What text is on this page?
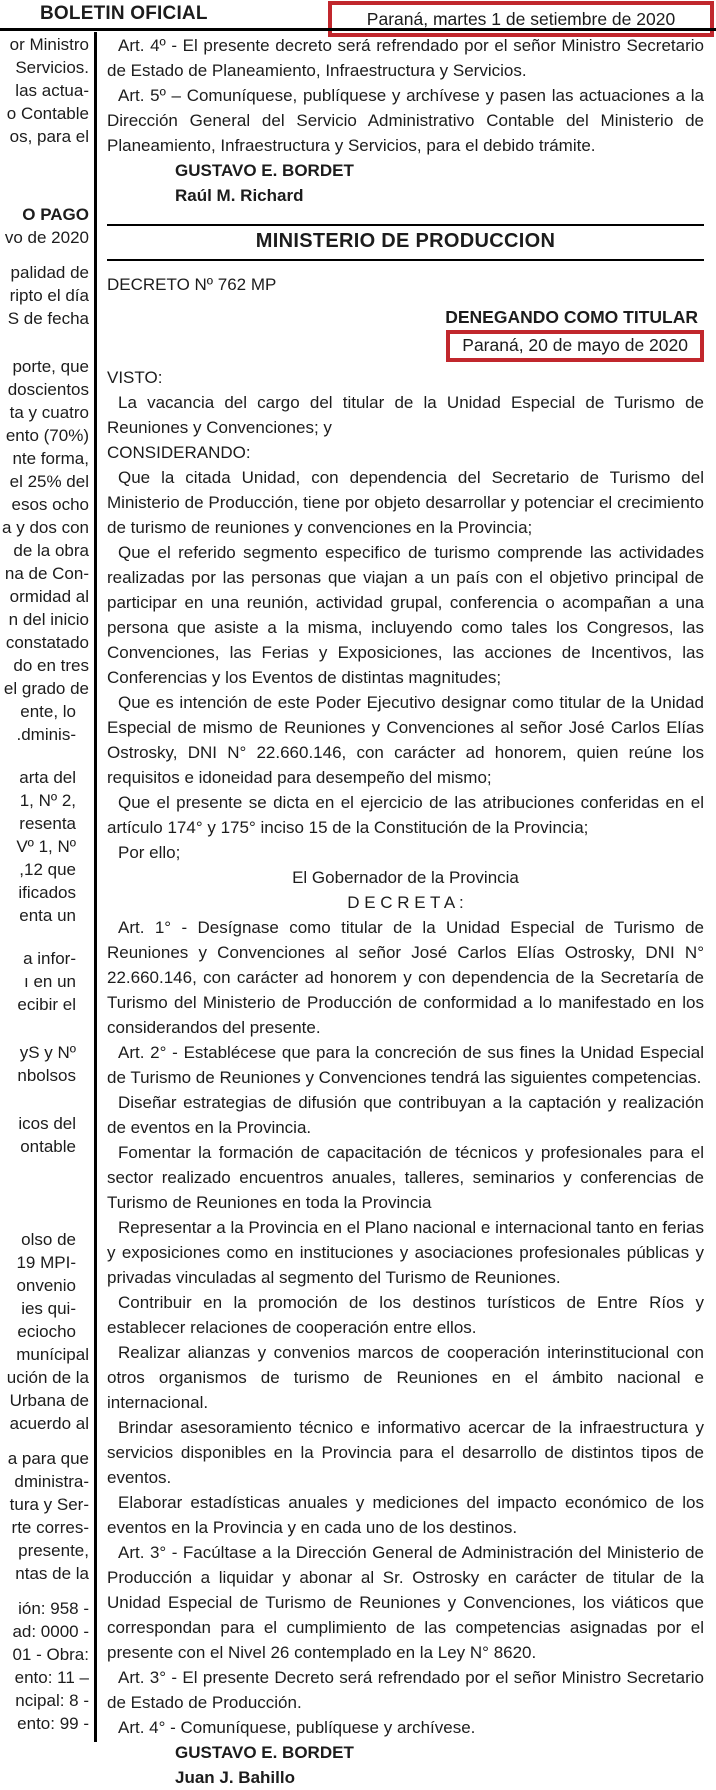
BOLETIN OFICIAL	Paraná, martes 1 de setiembre de 2020
or Ministro
Servicios.
las actua-
o Contable
os, para el
O PAGO
vo de 2020
palidad de
ripto el día
S de fecha
porte, que
doscientos
ta y cuatro
ento (70%)
nte forma,
el 25% del
esos ocho
a y dos con
de la obra
na de Con-
ormidad al
n del inicio
constatado
do en tres
el grado de
ente, lo
.dminis-
arta del
1, Nº 2,
resenta
Vº 1, Nº
,12 que
ificados
enta un
a infor-
ı en un
ecibir el
yS y Nº
nbolsos
icos del
ontable
olso de
19 MPI-
onvenio
ies qui-
eciocho
munícipal
ución de la
Urbana de
acuerdo al
a para que
dministra-
tura y Ser-
rte corres-
presente,
ntas de la
ión: 958 -
ad: 0000 -
01 - Obra:
ento: 11 –
ncipal: 8 -
ento: 99 -
Art. 4º - El presente decreto será refrendado por el señor Ministro Secretario de Estado de Planeamiento, Infraestructura y Servicios.
Art. 5º – Comuníquese, publíquese y archívese y pasen las actuaciones a la Dirección General del Servicio Administrativo Contable del Ministerio de Planeamiento, Infraestructura y Servicios, para el debido trámite.
GUSTAVO E. BORDET
Raúl M. Richard
MINISTERIO DE PRODUCCION
DECRETO Nº 762 MP
DENEGANDO COMO TITULAR
Paraná, 20 de mayo de 2020
VISTO:
La vacancia del cargo del titular de la Unidad Especial de Turismo de Reuniones y Convenciones; y
CONSIDERANDO:
Que la citada Unidad, con dependencia del Secretario de Turismo del Ministerio de Producción, tiene por objeto desarrollar y potenciar el crecimiento de turismo de reuniones y convenciones en la Provincia;
Que el referido segmento especifico de turismo comprende las actividades realizadas por las personas que viajan a un país con el objetivo principal de participar en una reunión, actividad grupal, conferencia o acompañan a una persona que asiste a la misma, incluyendo como tales los Congresos, las Convenciones, las Ferias y Exposiciones, las acciones de Incentivos, las Conferencias y los Eventos de distintas magnitudes;
Que es intención de este Poder Ejecutivo designar como titular de la Unidad Especial de mismo de Reuniones y Convenciones al señor José Carlos Elías Ostrosky, DNI N° 22.660.146, con carácter ad honorem, quien reúne los requisitos e idoneidad para desempeño del mismo;
Que el presente se dicta en el ejercicio de las atribuciones conferidas en el artículo 174° y 175° inciso 15 de la Constitución de la Provincia;
Por ello;
El Gobernador de la Provincia
D E C R E T A :
Art. 1° - Desígnase como titular de la Unidad Especial de Turismo de Reuniones y Convenciones al señor José Carlos Elías Ostrosky, DNI N° 22.660.146, con carácter ad honorem y con dependencia de la Secretaría de Turismo del Ministerio de Producción de conformidad a lo manifestado en los considerandos del presente.
Art. 2° - Establécese que para la concreción de sus fines la Unidad Especial de Turismo de Reuniones y Convenciones tendrá las siguientes competencias.
Diseñar estrategias de difusión que contribuyan a la captación y realización de eventos en la Provincia.
Fomentar la formación de capacitación de técnicos y profesionales para el sector realizado encuentros anuales, talleres, seminarios y conferencias de Turismo de Reuniones en toda la Provincia
Representar a la Provincia en el Plano nacional e internacional tanto en ferias y exposiciones como en instituciones y asociaciones profesionales públicas y privadas vinculadas al segmento del Turismo de Reuniones.
Contribuir en la promoción de los destinos turísticos de Entre Ríos y establecer relaciones de cooperación entre ellos.
Realizar alianzas y convenios marcos de cooperación interinstitucional con otros organismos de turismo de Reuniones en el ámbito nacional e internacional.
Brindar asesoramiento técnico e informativo acercar de la infraestructura y servicios disponibles en la Provincia para el desarrollo de distintos tipos de eventos.
Elaborar estadísticas anuales y mediciones del impacto económico de los eventos en la Provincia y en cada uno de los destinos.
Art. 3° - Facúltase a la Dirección General de Administración del Ministerio de Producción a liquidar y abonar al Sr. Ostrosky en carácter de titular de la Unidad Especial de Turismo de Reuniones y Convenciones, los viáticos que correspondan para el cumplimiento de las competencias asignadas por el presente con el Nivel 26 contemplado en la Ley N° 8620.
Art. 3° - El presente Decreto será refrendado por el señor Ministro Secretario de Estado de Producción.
Art. 4° - Comuníquese, publíquese y archívese.
GUSTAVO E. BORDET
Juan J. Bahillo
